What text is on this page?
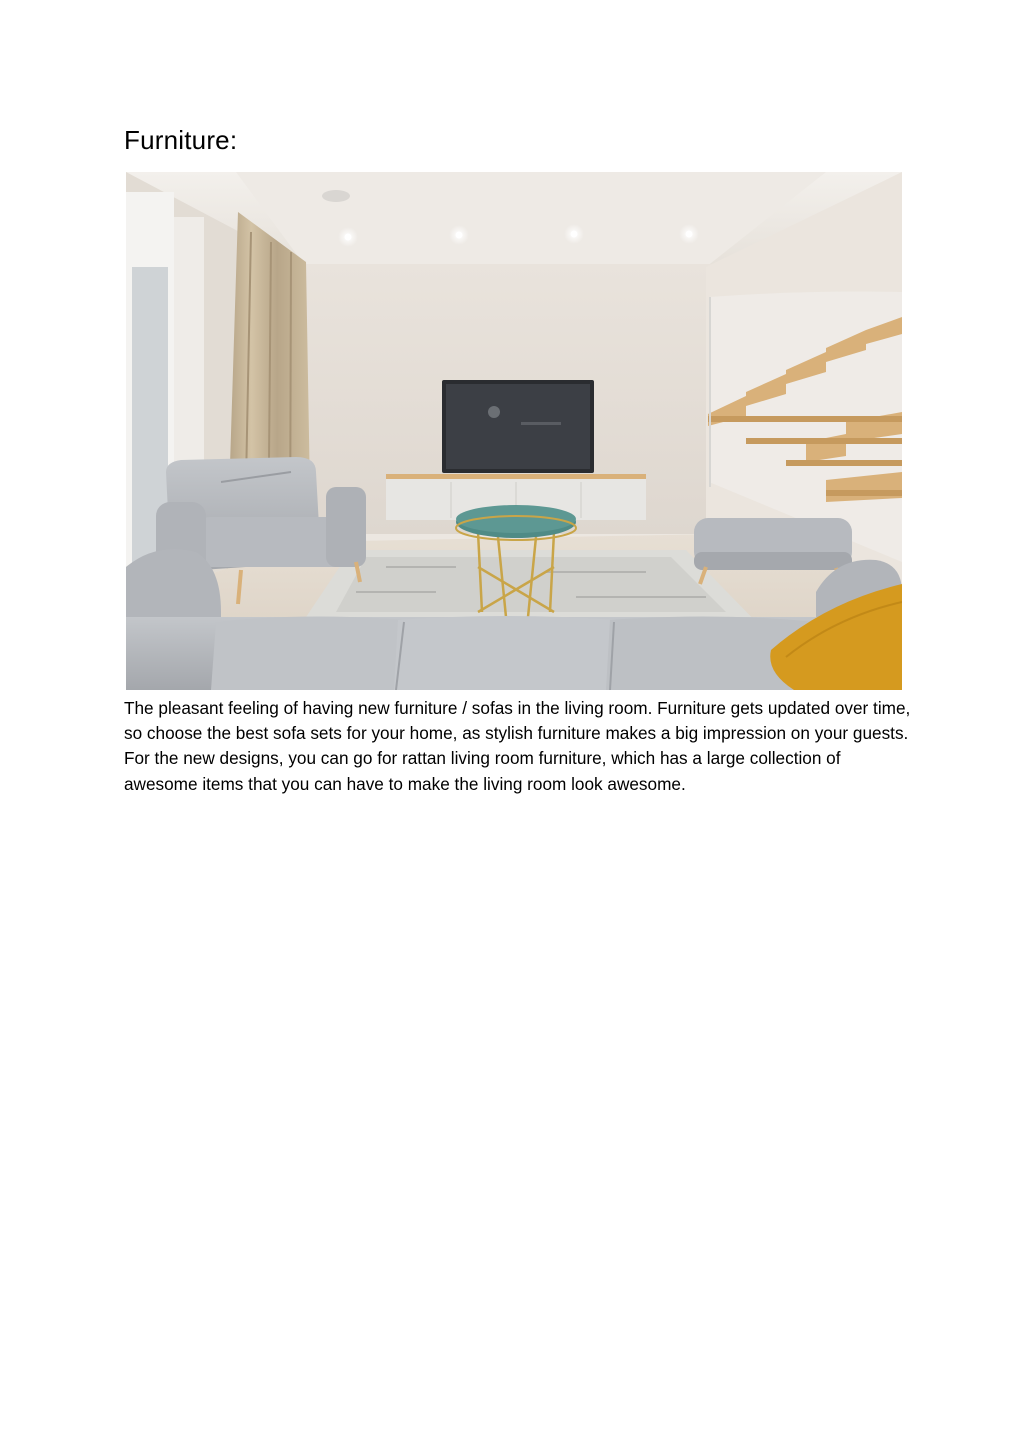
Furniture:

The pleasant feeling of having new furniture / sofas in the living room. Furniture gets updated over time, so choose the best sofa sets for your home, as stylish furniture makes a big impression on your guests. For the new designs, you can go for rattan living room furniture, which has a large collection of awesome items that you can have to make the living room look awesome.
